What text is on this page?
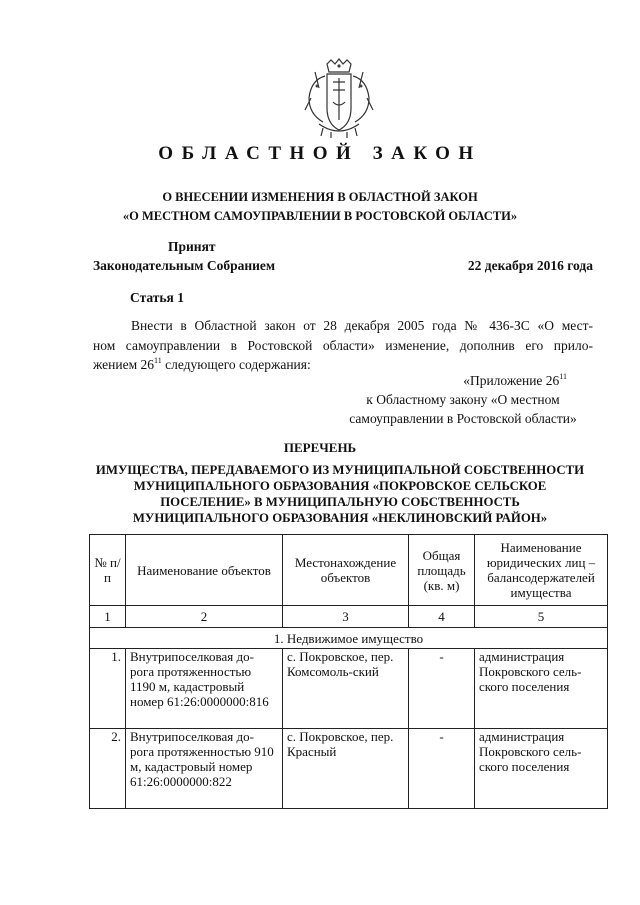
ОБЛАСТНОЙ ЗАКОН
О ВНЕСЕНИИ ИЗМЕНЕНИЯ В ОБЛАСТНОЙ ЗАКОН
«О МЕСТНОМ САМОУПРАВЛЕНИИ В РОСТОВСКОЙ ОБЛАСТИ»
Принят
Законодательным Собранием	22 декабря 2016 года
Статья 1
Внести в Областной закон от 28 декабря 2005 года № 436-ЗС «О мест-
ном самоуправлении в Ростовской области» изменение, дополнив его прило-
жением $26^{11}$ следующего содержания:
«Приложение $26^{11}$
к Областному закону «О местном
самоуправлении в Ростовской области»
ПЕРЕЧЕНЬ
ИМУЩЕСТВА, ПЕРЕДАВАЕМОГО ИЗ МУНИЦИПАЛЬНОЙ СОБСТВЕННОСТИ
МУНИЦИПАЛЬНОГО ОБРАЗОВАНИЯ «ПОКРОВСКОЕ СЕЛЬСКОЕ
ПОСЕЛЕНИЕ» В МУНИЦИПАЛЬНУЮ СОБСТВЕННОСТЬ
МУНИЦИПАЛЬНОГО ОБРАЗОВАНИЯ «НЕКЛИНОВСКИЙ РАЙОН»
№ п/п	Наименование объектов	Местонахождение объектов	Общая площадь (кв. м)	Наименование юридических лиц – балансодержателей имущества
1	2	3	4	5
1. Недвижимое имущество				
1.	Внутрипоселковая до-рога протяженностью 1190 м, кадастровый номер 61:26:0000000:816	с. Покровское, пер. Комсомоль-ский	-	администрация Покровского сель-ского поселения
2.	Внутрипоселковая до-рога протяженностью 910 м, кадастровый номер 61:26:0000000:822	с. Покровское, пер. Красный	-	администрация Покровского сель-ского поселения
